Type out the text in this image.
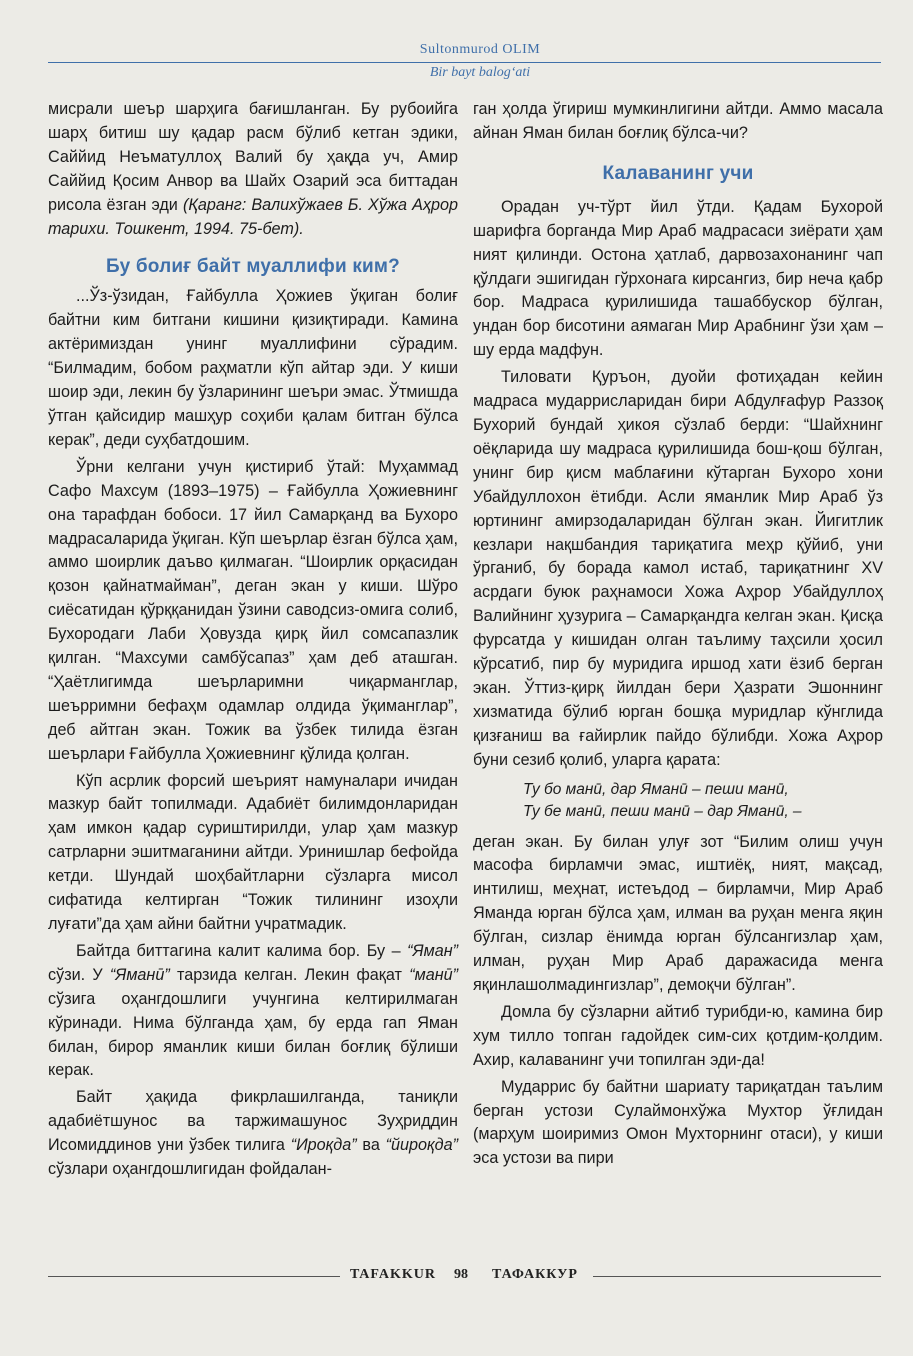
Sultonmurod OLIM
Bir bayt balog‘ati

мисрали шеър шарҳига бағишланган. Бу рубоийга шарҳ битиш шу қадар расм бўлиб кетган эдики, Саййид Неъматуллоҳ Валий бу ҳақда уч, Амир Саййид Қосим Анвор ва Шайх Озарий эса биттадан рисола ёзган эди (Қаранг: Валихўжаев Б. Хўжа Аҳрор тарихи. Тошкент, 1994. 75-бет).

Бу болиғ байт муаллифи ким?

...Ўз-ўзидан, Ғайбулла Ҳожиев ўқиган болиғ байтни ким битгани кишини қизиқтиради. Камина актёримиздан унинг муаллифини сўрадим. “Билмадим, бобом раҳматли кўп айтар эди. У киши шоир эди, лекин бу ўзларининг шеъри эмас. Ўтмишда ўтган қайсидир машҳур соҳиби қалам битган бўлса керак”, деди суҳбатдошим.

Ўрни келгани учун қистириб ўтай: Муҳаммад Сафо Махсум (1893–1975) – Ғайбулла Ҳожиевнинг она тарафдан бобоси. 17 йил Самарқанд ва Бухоро мадрасаларида ўқиган. Кўп шеърлар ёзган бўлса ҳам, аммо шоирлик даъво қилмаган. “Шоирлик орқасидан қозон қайнатмайман”, деган экан у киши. Шўро сиёсатидан қўрққанидан ўзини саводсиз-омига солиб, Бухородаги Лаби Ҳовузда қирқ йил сомсапазлик қилган. “Махсуми самбўсапаз” ҳам деб аташган. “Ҳаётлигимда шеърларимни чиқарманглар, шеърримни бефаҳм одамлар олдида ўқиманглар”, деб айтган экан. Тожик ва ўзбек тилида ёзган шеърлари Ғайбулла Ҳожиевнинг қўлида қолган.

Кўп асрлик форсий шеърият намуналари ичидан мазкур байт топилмади. Адабиёт билимдонларидан ҳам имкон қадар суриштирилди, улар ҳам мазкур сатрларни эшитмаганини айтди. Уринишлар бефойда кетди. Шундай шоҳбайтларни сўзларга мисол сифатида келтирган “Тожик тилининг изоҳли луғати”да ҳам айни байтни учратмадик.

Байтда биттагина калит калима бор. Бу – “Яман” сўзи. У “Яманӣ” тарзида келган. Лекин фақат “манӣ” сўзига оҳангдошлиги учунгина келтирилмаган кўринади. Нима бўлганда ҳам, бу ерда гап Яман билан, бирор яманлик киши билан боғлиқ бўлиши керак.

Байт ҳақида фикрлашилганда, таниқли адабиётшунос ва таржимашунос Зуҳриддин Исомиддинов уни ўзбек тилига “Ироқда” ва “йироқда” сўзлари оҳангдошлигидан фойдалан-

ган ҳолда ўгириш мумкинлигини айтди. Аммо масала айнан Яман билан боғлиқ бўлса-чи?

Калаванинг учи

Орадан уч-тўрт йил ўтди. Қадам Бухорой шарифга борганда Мир Араб мадрасаси зиёрати ҳам ният қилинди. Остона ҳатлаб, дарвозахонанинг чап қўлдаги эшигидан гўрхонага кирсангиз, бир неча қабр бор. Мадраса қурилишида ташаббускор бўлган, ундан бор бисотини аямаган Мир Арабнинг ўзи ҳам – шу ерда мадфун.

Тиловати Қуръон, дуойи фотиҳадан кейин мадраса мударрисларидан бири Абдулғафур Раззоқ Бухорий бундай ҳикоя сўзлаб берди: “Шайхнинг оёқларида шу мадраса қурилишида бош-қош бўлган, унинг бир қисм маблағини кўтарган Бухоро хони Убайдуллохон ётибди. Асли яманлик Мир Араб ўз юртининг амирзодаларидан бўлган экан. Йигитлик кезлари нақшбандия тариқатига меҳр қўйиб, уни ўрганиб, бу борада камол истаб, тариқатнинг XV асрдаги буюк раҳнамоси Хожа Аҳрор Убайдуллоҳ Валийнинг ҳузурига – Самарқандга келган экан. Қисқа фурсатда у кишидан олган таълиму таҳсили ҳосил кўрсатиб, пир бу муридига иршод хати ёзиб берган экан. Ўттиз-қирқ йилдан бери Ҳазрати Эшоннинг хизматида бўлиб юрган бошқа муридлар кўнглида қизғаниш ва ғайирлик пайдо бўлибди. Хожа Аҳрор буни сезиб қолиб, уларга қарата:

Ту бо манӣ, дар Яманӣ – пеши манӣ,
Ту бе манӣ, пеши манӣ – дар Яманӣ, –

деган экан. Бу билан улуғ зот “Билим олиш учун масофа бирламчи эмас, иштиёқ, ният, мақсад, интилиш, меҳнат, истеъдод – бирламчи, Мир Араб Яманда юрган бўлса ҳам, илман ва руҳан менга яқин бўлган, сизлар ёнимда юрган бўлсангизлар ҳам, илман, руҳан Мир Араб даражасида менга яқинлашолмадингизлар”, демоқчи бўлган”.

Домла бу сўзларни айтиб турибди-ю, камина бир хум тилло топган гадойдек сим-сих қотдим-қолдим. Ахир, калаванинг учи топилган эди-да!

Мударрис бу байтни шариату тариқатдан таълим берган устози Сулаймонхўжа Мухтор ўғлидан (марҳум шоиримиз Омон Мухторнинг отаси), у киши эса устози ва пири

TAFAKKUR 98 ТАФАККУР
